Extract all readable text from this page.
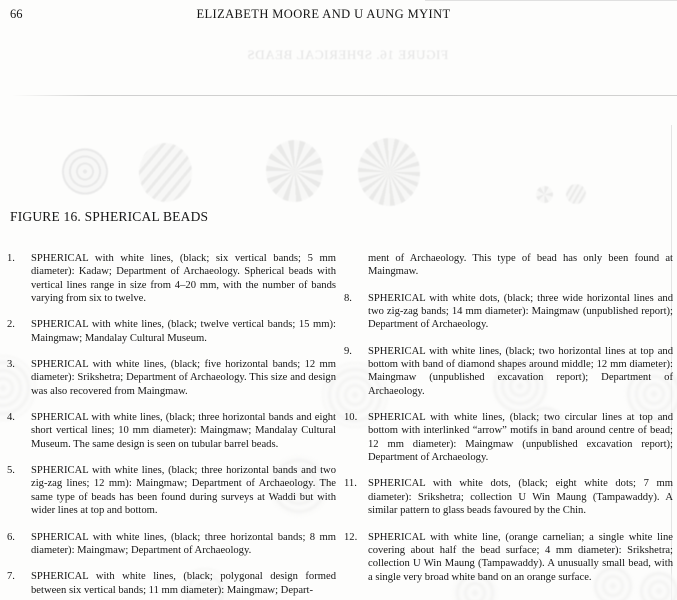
66	ELIZABETH MOORE AND U AUNG MYINT
FIGURE 16. SPHERICAL BEADS
FIGURE 16. SPHERICAL BEADS
1.	SPHERICAL with white lines, (black; six vertical bands; 5 mm diameter): Kadaw; Department of Archaeology. Spherical beads with vertical lines range in size from 4–20 mm, with the number of bands varying from six to twelve.
2.	SPHERICAL with white lines, (black; twelve vertical bands; 15 mm): Maingmaw; Mandalay Cultural Museum.
3.	SPHERICAL with white lines, (black; five horizontal bands; 12 mm diameter): Srikshetra; Department of Archaeology. This size and design was also recovered from Maingmaw.
4.	SPHERICAL with white lines, (black; three horizontal bands and eight short vertical lines; 10 mm diameter): Maingmaw; Mandalay Cultural Museum. The same design is seen on tubular barrel beads.
5.	SPHERICAL with white lines, (black; three horizontal bands and two zig-zag lines; 12 mm): Maingmaw; Department of Archaeology. The same type of beads has been found during surveys at Waddi but with wider lines at top and bottom.
6.	SPHERICAL with white lines, (black; three horizontal bands; 8 mm diameter): Maingmaw; Department of Archaeology.
7.	SPHERICAL with white lines, (black; polygonal design formed between six vertical bands; 11 mm diameter): Maingmaw; Depart-
ment of Archaeology. This type of bead has only been found at Maingmaw.
8.	SPHERICAL with white dots, (black; three wide horizontal lines and two zig-zag bands; 14 mm diameter): Maingmaw (unpublished report); Department of Archaeology.
9.	SPHERICAL with white lines, (black; two horizontal lines at top and bottom with band of diamond shapes around middle; 12 mm diameter): Maingmaw (unpublished excavation report); Department of Archaeology.
10.	SPHERICAL with white lines, (black; two circular lines at top and bottom with interlinked “arrow” motifs in band around centre of bead; 12 mm diameter): Maingmaw (unpublished excavation report); Department of Archaeology.
11.	SPHERICAL with white dots, (black; eight white dots; 7 mm diameter): Srikshetra; collection U Win Maung (Tampawaddy). A similar pattern to glass beads favoured by the Chin.
12.	SPHERICAL with white line, (orange carnelian; a single white line covering about half the bead surface; 4 mm diameter): Srikshetra; collection U Win Maung (Tampawaddy). A unusually small bead, with a single very broad white band on an orange surface.
